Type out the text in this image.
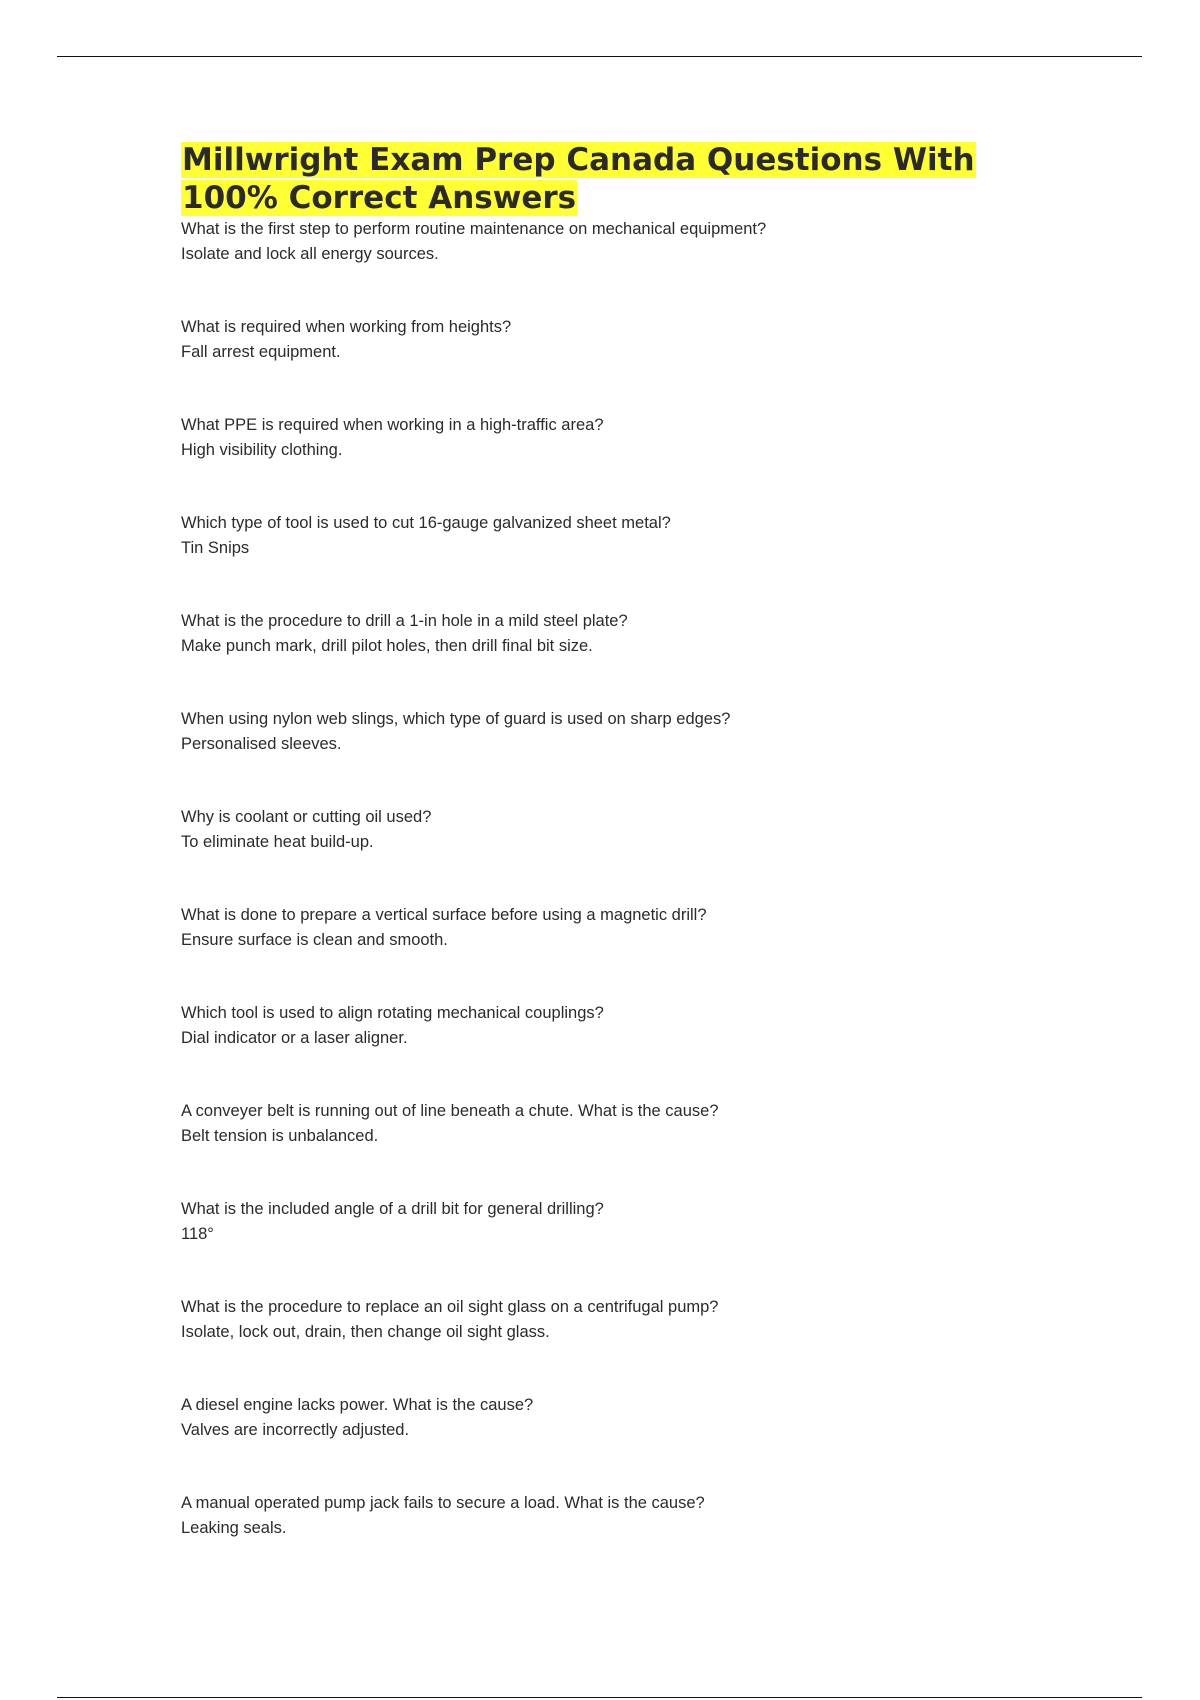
Millwright Exam Prep Canada Questions With 100% Correct Answers

What is the first step to perform routine maintenance on mechanical equipment?

Isolate and lock all energy sources.

What is required when working from heights?

Fall arrest equipment.

What PPE is required when working in a high-traffic area?

High visibility clothing.

Which type of tool is used to cut 16-gauge galvanized sheet metal?

Tin Snips

What is the procedure to drill a 1-in hole in a mild steel plate?

Make punch mark, drill pilot holes, then drill final bit size.

When using nylon web slings, which type of guard is used on sharp edges?

Personalised sleeves.

Why is coolant or cutting oil used?

To eliminate heat build-up.

What is done to prepare a vertical surface before using a magnetic drill?

Ensure surface is clean and smooth.

Which tool is used to align rotating mechanical couplings?

Dial indicator or a laser aligner.

A conveyer belt is running out of line beneath a chute. What is the cause?

Belt tension is unbalanced.

What is the included angle of a drill bit for general drilling?

118°

What is the procedure to replace an oil sight glass on a centrifugal pump?

Isolate, lock out, drain, then change oil sight glass.

A diesel engine lacks power. What is the cause?

Valves are incorrectly adjusted.

A manual operated pump jack fails to secure a load. What is the cause?

Leaking seals.
